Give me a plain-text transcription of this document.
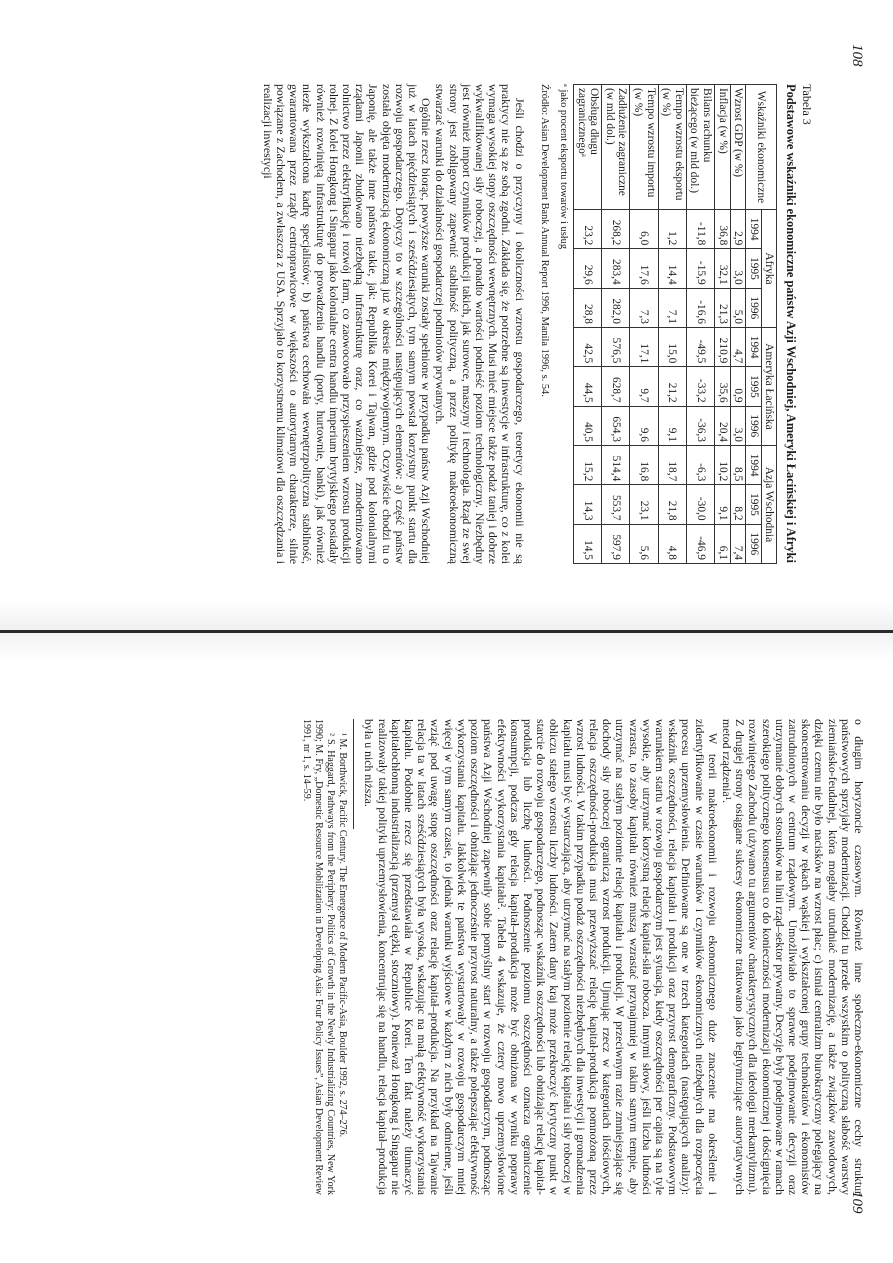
108
Tabela 3
Podstawowe wskaźniki ekonomiczne państw Azji Wschodniej, Ameryki Łacińskiej i Afryki
Wskaźniki ekonomiczne	Afryka			Ameryka Łacińska			Azja Wschodnia		
	1994	1995	1996	1994	1995	1996	1994	1995	1996
Wzrost GDP (w %)	2,9	3,0	5,0	4,7	0,9	3,0	8,5	8,2	7,4
Inflacja (w %)	36,8	32,1	21,3	210,9	35,6	20,4	10,2	9,1	6,1
Bilans rachunku bieżącego (w mld dol.)	-11,8	-15,9	-16,6	-49,5	-33,2	-36,3	-6,3	-30,0	-46,9
Tempo wzrostu eksportu (w %)	1,2	14,4	7,1	15,0	21,2	9,1	18,7	21,8	4,8
Tempo wzrostu importu (w %)	6,0	17,6	7,3	17,1	9,7	9,6	16,8	23,1	5,6
Zadłużenie zagraniczne (w mld dol.)	268,2	283,4	282,0	576,5	628,7	654,3	514,4	553,7	597,9
Obsługa długu zagranicznegoᵃ	23,2	29,6	28,8	42,5	44,5	40,5	15,2	14,3	14,5
ᵃ jako procent eksportu towarów i usług
Źródło: Asian Development Bank Annual Report 1996, Manila 1996, s. 54.

Jeśli chodzi o przyczyny i okoliczności wzrostu gospodarczego, teoretycy ekonomii nie są praktycy nie są ze sobą zgodni. Zakłada się, że potrzebne są inwestycje w infrastrukturę, co z kolei wymaga wysokiej stopy oszczędności wewnętrznych. Musi mieć miejsce także podaż taniej i dobrze wykwalifikowanej siły roboczej, a ponadto wartości podnieść poziom technologiczny. Niezbędny jest również import czynników produkcji takich, jak surowce, maszyny i technologia. Rząd ze swej strony jest zobligowany zapewnić stabilność polityczną, a przez politykę makroekonomiczną stwarzać warunki do działalności gospodarczej podmiotów prywatnych.

Ogólnie rzecz biorąc, powyższe warunki zostały spełnione w przypadku państw Azji Wschodniej już w latach pięćdziesiątych i sześćdziesiątych, tym samym powstał korzystny punkt startu dla rozwoju gospodarczego. Dotyczy to w szczególności następujących elementów: a) część państw została objęta modernizacją ekonomiczną już w okresie międzywojennym. Oczywiście chodzi tu o Japonię, ale także inne państwa takie, jak: Republika Korei i Tajwan, gdzie pod kolonialnymi rządami Japonii zbudowano niezbędną infrastrukturę oraz, co ważniejsze, zmodernizowano rolnictwo przez elektryfikację i rozwój farm, co zaowocowało przyspieszeniem wzrostu produkcji rolnej. Z kolei Hongkong i Singapur jako kolonialne centra handlu imperium brytyjskiego posiadały również rozwiniętą infrastrukturę do prowadzenia handlu (porty, hurtownie, banki), jak również niezłe wykształcona kadrę specjalistów; b) państwa cechowała wewnętrzpolityczna stabilność, gwarantowana przez rządy centroprawicowe w większości o autorytarnym charakterze, silnie powiązane z Zachodem, a zwłaszcza z USA. Sprzyjało to korzystnemu klimatowi dla oszczędzania i realizacji inwestycji

109

o długim horyzoncie czasowym. Również inne społeczno-ekonomiczne cechy struktur państwowych sprzyjały modernizacji. Chodzi tu przede wszystkim o polityczną słabość warstwy ziemiańsko-feudalnej, która mogłaby utrudniać modernizację, a także związków zawodowych, dzięki czemu nie było nacisków na wzrost płac; c) istniał centralizm biurokratyczny polegający na skoncentrowaniu decyzji w rękach wąskiej i wykształconej grupy technokratów i ekonomistów zatrudnionych w centrum rządowym. Umożliwiało to sprawne podejmowanie decyzji oraz utrzymanie dobrych stosunków na linii rząd–sektor prywatny. Decyzje były podejmowane w ramach szerokiego politycznego konsensusu co do konieczności modernizacji ekonomicznej i doścignięcia rozwiniętego Zachodu (używano tu argumentów charakterystycznych dla ideologii merkantylizmu). Z drugiej strony osiągane sukcesy ekonomiczne traktowano jako legitymizujące autorytatywnych metod rządzenia¹.

W teorii makroekonomii i rozwoju ekonomicznego duże znaczenie ma określenie i zidentyfikowanie w czasie warunków i czynników ekonomicznych niezbędnych dla rozpoczęcia procesu uprzemysłowienia. Definiowane są one w trzech kategoriach (następujących analizy): wskaźnik oszczędności, relacja kapitału i produkcji oraz przyrost demograficzny. Podstawowym warunkiem startu w rozwoju gospodarczym jest sytuacja, kiedy oszczędności per capita są na tyle wysokie, aby utrzymać korzystną relację kapitał-siła robocza. Innymi słowy, jeśli liczba ludności wzrasta, to zasoby kapitału również muszą wzrastać przynajmniej w takim samym tempie, aby utrzymać na stałym poziomie relację kapitału i produkcji. W przeciwnym razie zmniejszające się dochody siły roboczej ograniczą wzrost produkcji. Ujmując rzecz w kategoriach ilościowych, relacja oszczędności-produkcja musi przewyższać relację kapitał-produkcja pomnożoną przez wzrost ludności. W takim przypadku podaż oszczędności niezbędnych dla inwestycji i gromadzenia kapitału musi być wystarczająca, aby utrzymać na stałym poziomie relację kapitału i siły roboczej w obliczu stałego wzrostu liczby ludności. Zatem dany kraj może przekroczyć krytyczny punkt w starcie do rozwoju gospodarczego, podnosząc wskaźnik oszczędności lub obniżając relację kapitał-produkcja lub liczbę ludności. Podnoszenie poziomu oszczędności oznacza ograniczenie konsumpcji, podczas gdy relacja kapitał–produkcja może być obniżona w wyniku poprawy efektywności wykorzystania kapitału². Tabela 4 wskazuje, że cztery nowo uprzemysłowione państwa Azji Wschodniej zapewniły sobie pomyślny start w rozwoju gospodarczym, podnosząc poziom oszczędności i obniżając jednocześnie przyrost naturalny, a także polepszając efektywność wykorzystania kapitału. Jakkolwiek te państwa wystartowały w rozwoju gospodarczym mniej więcej w tym samym czasie, to jednak warunki wyjściowe w każdym z nich były odmienne, jeśli wziąć pod uwagę stopę oszczędności oraz relację kapitał–produkcja. Na przykład na Tajwanie relacja ta w latach sześćdziesiątych była wysoka, wskazując na małą efektywność wykorzystania kapitału. Podobnie rzecz się przedstawiała w Republice Korei. Ten fakt należy tłumaczyć kapitałochłonną industrializacją (przemysł ciężki, stoczniowy). Ponieważ Hongkong i Singapur nie realizowały takiej polityki uprzemysłowienia, koncentrując się na handlu, relacja kapitał–produkcja była u nich niższa.

¹ M. Borthwick, Pacific Century. The Emergence of Modern Pacific-Asia, Boulder 1992, s. 274–276.

² S. Haggard, Pathways from the Periphery: Politics of Growth in the Newly Industrializing Countries, New York 1990; M. Fry, „Domestic Resource Mobilization in Developing Asia: Four Policy Issues”, Asian Development Review 1991, nr 1, s. 14–59.
